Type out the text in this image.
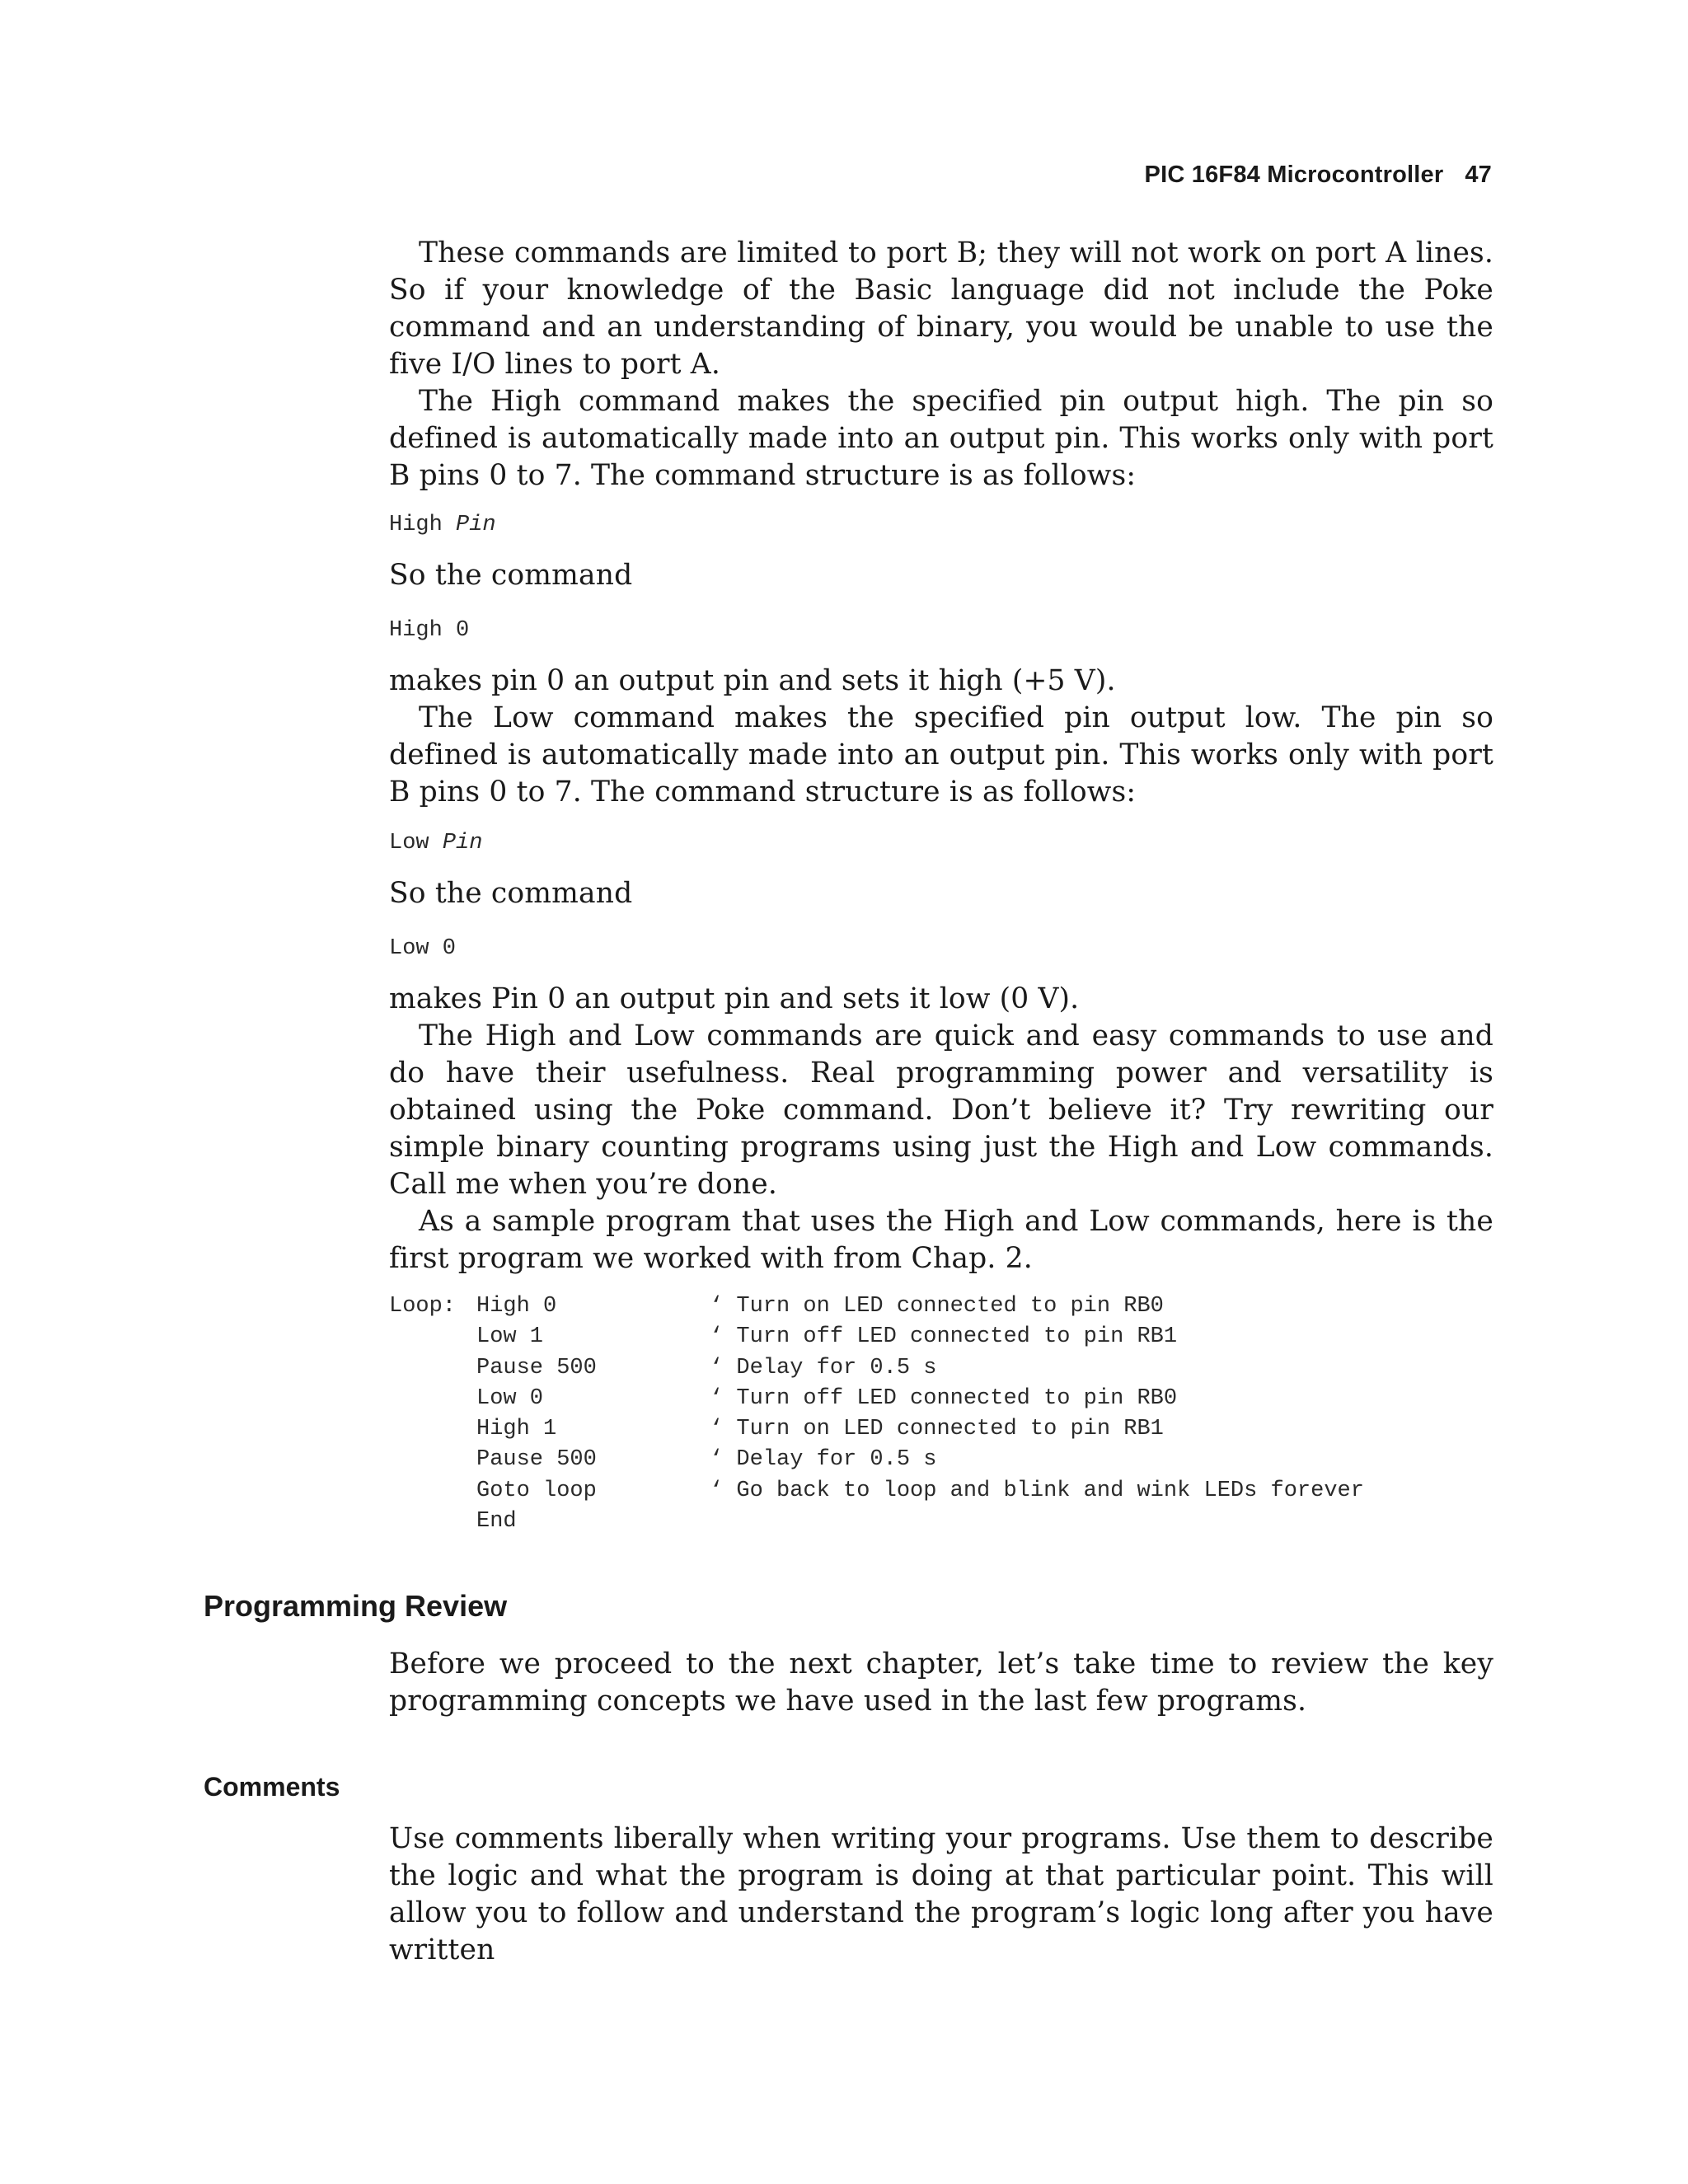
PIC 16F84 Microcontroller 47

These commands are limited to port B; they will not work on port A lines. So if your knowledge of the Basic language did not include the Poke command and an understanding of binary, you would be unable to use the five I/O lines to port A.

The High command makes the specified pin output high. The pin so defined is automatically made into an output pin. This works only with port B pins 0 to 7. The command structure is as follows:

High Pin

So the command

High 0

makes pin 0 an output pin and sets it high (+5 V).

The Low command makes the specified pin output low. The pin so defined is automatically made into an output pin. This works only with port B pins 0 to 7. The command structure is as follows:

Low Pin

So the command

Low 0

makes Pin 0 an output pin and sets it low (0 V).

The High and Low commands are quick and easy commands to use and do have their usefulness. Real programming power and versatility is obtained using the Poke command. Don’t believe it? Try rewriting our simple binary counting programs using just the High and Low commands. Call me when you’re done.

As a sample program that uses the High and Low commands, here is the first program we worked with from Chap. 2.

Loop: High 0	‘ Turn on LED connected to pin RB0
Low 1	‘ Turn off LED connected to pin RB1
Pause 500	‘ Delay for 0.5 s
Low 0	‘ Turn off LED connected to pin RB0
High 1	‘ Turn on LED connected to pin RB1
Pause 500	‘ Delay for 0.5 s
Goto loop	‘ Go back to loop and blink and wink LEDs forever
End
Programming Review

Before we proceed to the next chapter, let’s take time to review the key programming concepts we have used in the last few programs.

Comments

Use comments liberally when writing your programs. Use them to describe the logic and what the program is doing at that particular point. This will allow you to follow and understand the program’s logic long after you have written
